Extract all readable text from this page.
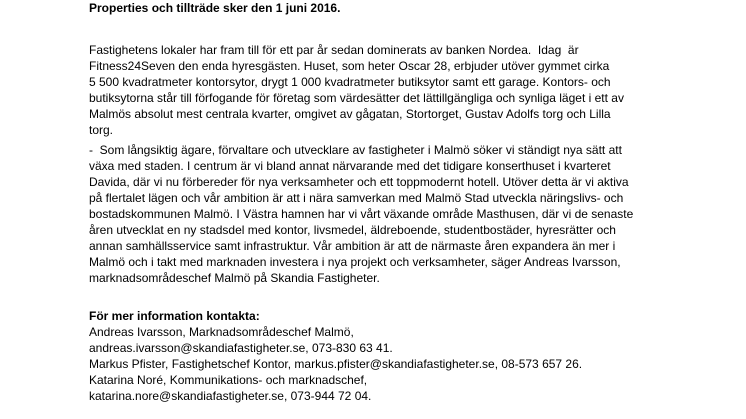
Properties och tillträde sker den 1 juni 2016.
Fastighetens lokaler har fram till för ett par år sedan dominerats av banken Nordea.  Idag  är
Fitness24Seven den enda hyresgästen. Huset, som heter Oscar 28, erbjuder utöver gymmet cirka
5 500 kvadratmeter kontorsytor, drygt 1 000 kvadratmeter butiksytor samt ett garage. Kontors- och
butiksytorna står till förfogande för företag som värdesätter det lättillgängliga och synliga läget i ett av
Malmös absolut mest centrala kvarter, omgivet av gågatan, Stortorget, Gustav Adolfs torg och Lilla
torg.
-  Som långsiktig ägare, förvaltare och utvecklare av fastigheter i Malmö söker vi ständigt nya sätt att
växa med staden. I centrum är vi bland annat närvarande med det tidigare konserthuset i kvarteret
Davida, där vi nu förbereder för nya verksamheter och ett toppmodernt hotell. Utöver detta är vi aktiva
på flertalet lägen och vår ambition är att i nära samverkan med Malmö Stad utveckla näringslivs- och
bostadskommunen Malmö. I Västra hamnen har vi vårt växande område Masthusen, där vi de senaste
åren utvecklat en ny stadsdel med kontor, livsmedel, äldreboende, studentbostäder, hyresrätter och
annan samhällsservice samt infrastruktur. Vår ambition är att de närmaste åren expandera än mer i
Malmö och i takt med marknaden investera i nya projekt och verksamheter, säger Andreas Ivarsson,
marknadsområdeschef Malmö på Skandia Fastigheter.
För mer information kontakta:
Andreas Ivarsson, Marknadsområdeschef Malmö,
andreas.ivarsson@skandiafastigheter.se, 073-830 63 41.
Markus Pfister, Fastighetschef Kontor, markus.pfister@skandiafastigheter.se, 08-573 657 26.
Katarina Noré, Kommunikations- och marknadschef,
katarina.nore@skandiafastigheter.se, 073-944 72 04.
